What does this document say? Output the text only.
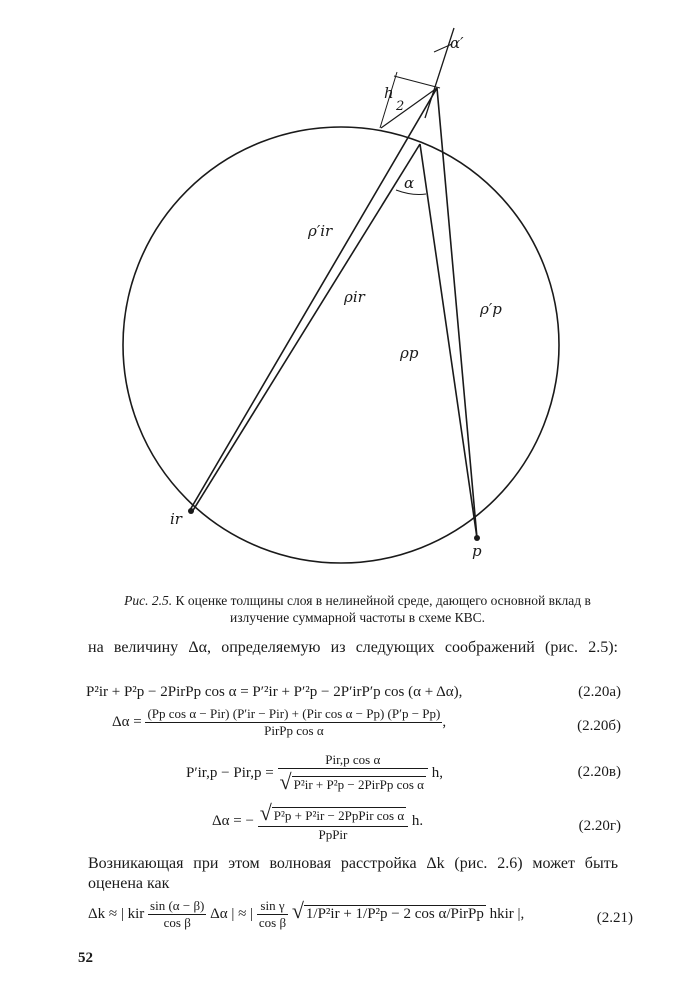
α′
h
2
α
ρ′ir
ρir
ρ′p
ρp
ir
p
Рис. 2.5. К оценке толщины слоя в нелинейной среде, дающего основной вклад в излучение суммарной частоты в схеме КВС.
на величину Δα, определяемую из следующих соображений (рис. 2.5):
P²ir + P²p − 2PirPp cos α = P′²ir + P′²p − 2P′irP′p cos (α + Δα),	(2.20а)
$\Delta\alpha = \frac{\text{(Pp cos α − Pir) (P′ir − Pir) + (Pir cos α − Pp) (P′p − Pp)}}{\text{PirPp cos α}}$ ,	(2.20б)
$P'ir,p - Pir,p = \frac{\text{Pir,p cos α}}{\text{√ P²ir + P²p − 2PirPp cos α}} h$,	(2.20в)
Δα = − $\frac{\text{√ P²p + P²ir − 2PpPir cos α}}{\text{PpPir}} h$.	(2.20г)
Возникающая при этом волновая расстройка Δk (рис. 2.6) может быть оценена как
Δk ≈ | kir $\frac{\sin (\alpha - \beta)}{\text{cos β}}$ Δα | ≈ | $\frac{\text{sin γ}}{\text{cos β}}$ √ 1/P²ir + 1/P²p − 2 cos α/PirPp hkir |,	(2.21)
52
